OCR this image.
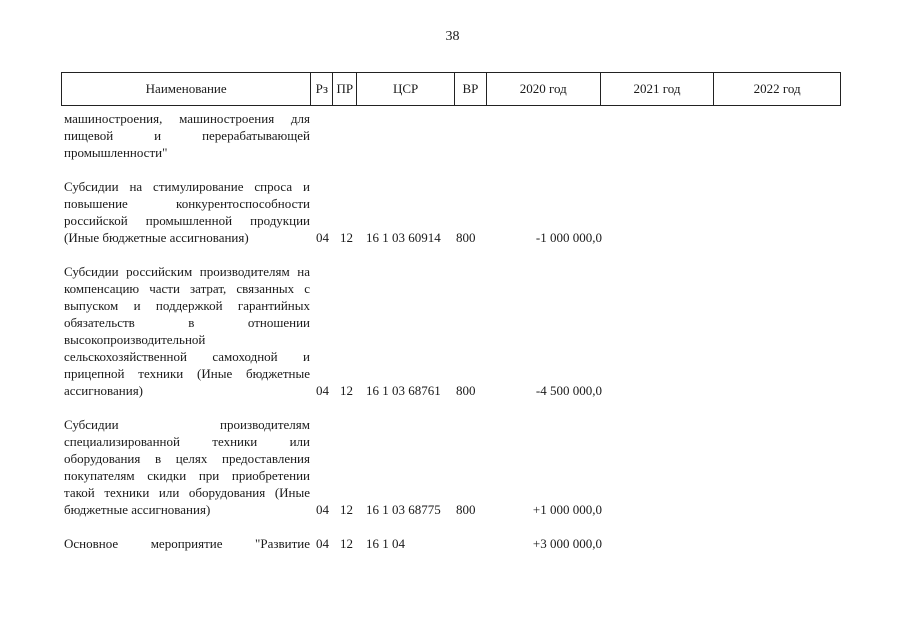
38
Наименование	Рз ПР	ЦСР	ВР	2020 год	2021 год	2022 год
машиностроения, машиностроения для пищевой и перерабатывающей промышленности"
Субсидии на стимулирование спроса и повышение конкурентоспособности российской промышленной продукции (Иные бюджетные ассигнования)	04 12	16 1 03 60914	800	-1 000 000,0
Субсидии российским производителям на компенсацию части затрат, связанных с выпуском и поддержкой гарантийных обязательств в отношении высокопроизводительной сельскохозяйственной самоходной и прицепной техники (Иные бюджетные ассигнования)	04 12	16 1 03 68761	800	-4 500 000,0
Субсидии производителям специализированной техники или оборудования в целях предоставления покупателям скидки при приобретении такой техники или оборудования (Иные бюджетные ассигнования)	04 12	16 1 03 68775	800	+1 000 000,0
Основное мероприятие "Развитие 04 12	16 1 04	+3 000 000,0
